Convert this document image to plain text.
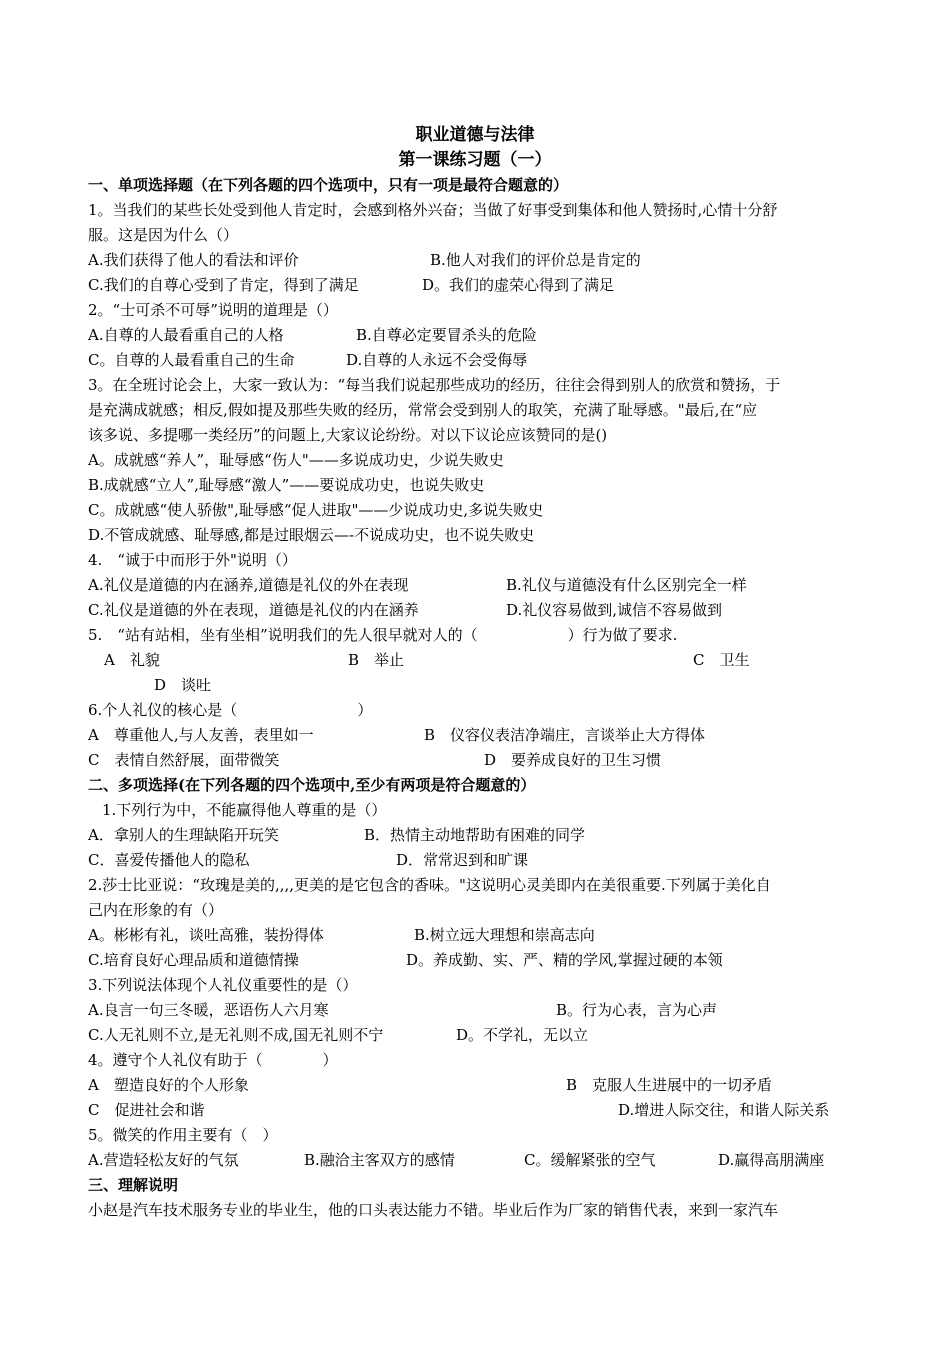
职业道德与法律

第一课练习题（一）

一、单项选择题（在下列各题的四个选项中，只有一项是最符合题意的）

1。当我们的某些长处受到他人肯定时，会感到格外兴奋；当做了好事受到集体和他人赞扬时,心情十分舒

服。这是因为什么（）

A.我们获得了他人的看法和评价	B.他人对我们的评价总是肯定的

C.我们的自尊心受到了肯定，得到了满足	D。我们的虚荣心得到了满足

2。“士可杀不可辱”说明的道理是（）

A.自尊的人最看重自己的人格	B.自尊必定要冒杀头的危险

C。自尊的人最看重自己的生命	D.自尊的人永远不会受侮辱

3。在全班讨论会上，大家一致认为：“每当我们说起那些成功的经历，往往会得到别人的欣赏和赞扬，于

是充满成就感；相反,假如提及那些失败的经历，常常会受到别人的取笑，充满了耻辱感。"最后,在“应

该多说、多提哪一类经历”的问题上,大家议论纷纷。对以下议论应该赞同的是()

A。成就感“养人”，耻辱感“伤人"——多说成功史，少说失败史

B.成就感“立人”,耻辱感“激人”——要说成功史，也说失败史

C。成就感“使人骄傲",耻辱感“促人进取"——少说成功史,多说失败史

D.不管成就感、耻辱感,都是过眼烟云—-不说成功史，也不说失败史

4.　“诚于中而形于外"说明（）

A.礼仪是道德的内在涵养,道德是礼仪的外在表现	B.礼仪与道德没有什么区别完全一样

C.礼仪是道德的外在表现，道德是礼仪的内在涵养	D.礼仪容易做到,诚信不容易做到

5.　“站有站相，坐有坐相”说明我们的先人很早就对人的（　　　　　　）行为做了要求.

A　礼貌	B　举止	C　卫生

D　谈吐

6.个人礼仪的核心是（　　　　　　　　）

A　尊重他人,与人友善，表里如一	B　仪容仪表洁净端庄，言谈举止大方得体

C　表情自然舒展，面带微笑	D　要养成良好的卫生习惯

二、多项选择(在下列各题的四个选项中,至少有两项是符合题意的）

1.下列行为中，不能赢得他人尊重的是（）

A．拿别人的生理缺陷开玩笑	B．热情主动地帮助有困难的同学

C．喜爱传播他人的隐私	D．常常迟到和旷课

2.莎士比亚说：“玫瑰是美的,,,,更美的是它包含的香味。"这说明心灵美即内在美很重要.下列属于美化自

己内在形象的有（）

A。彬彬有礼，谈吐高雅，装扮得体	B.树立远大理想和崇高志向

C.培育良好心理品质和道德情操	D。养成勤、实、严、精的学风,掌握过硬的本领

3.下列说法体现个人礼仪重要性的是（）

A.良言一句三冬暖，恶语伤人六月寒	B。行为心表，言为心声

C.人无礼则不立,是无礼则不成,国无礼则不宁	D。不学礼，无以立

4。遵守个人礼仪有助于（　　　　）

A　塑造良好的个人形象	B　克服人生进展中的一切矛盾

C　促进社会和谐	D.增进人际交往，和谐人际关系

5。微笑的作用主要有（　）

A.营造轻松友好的气氛	B.融洽主客双方的感情	C。缓解紧张的空气	D.赢得高朋满座

三、理解说明

小赵是汽车技术服务专业的毕业生，他的口头表达能力不错。毕业后作为厂家的销售代表，来到一家汽车
